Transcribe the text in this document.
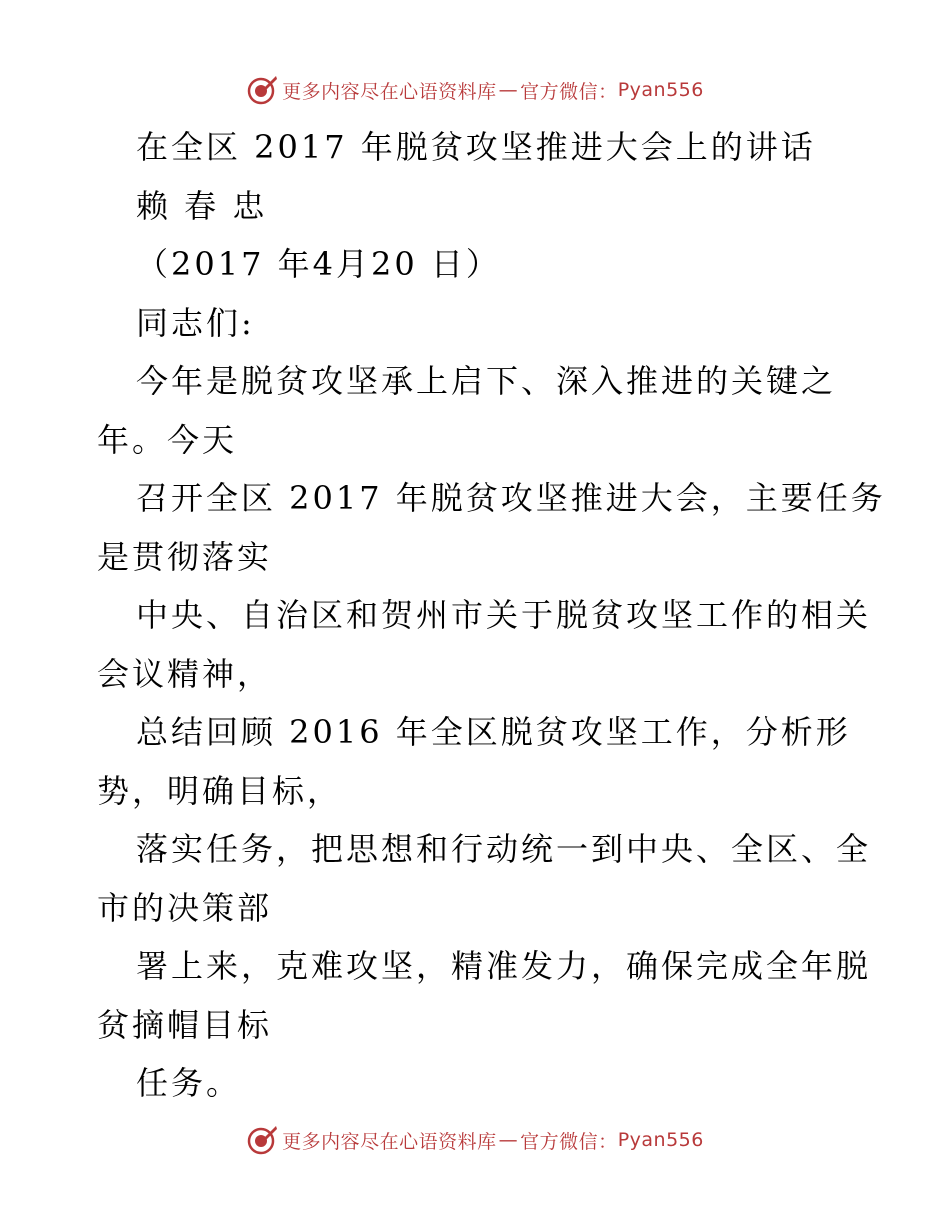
更多内容尽在心语资料库 — 官方微信： Pyan556
在全区 2017 年脱贫攻坚推进大会上的讲话
赖 春 忠
（2017 年4月20 日）
同志们:
今年是脱贫攻坚承上启下、深入推进的关键之
年。今天
召开全区 2017 年脱贫攻坚推进大会，主要任务
是贯彻落实
中央、自治区和贺州市关于脱贫攻坚工作的相关
会议精神，
总结回顾 2016 年全区脱贫攻坚工作，分析形
势，明确目标，
落实任务，把思想和行动统一到中央、全区、全
市的决策部
署上来，克难攻坚，精准发力，确保完成全年脱
贫摘帽目标
任务。
更多内容尽在心语资料库 — 官方微信： Pyan556
